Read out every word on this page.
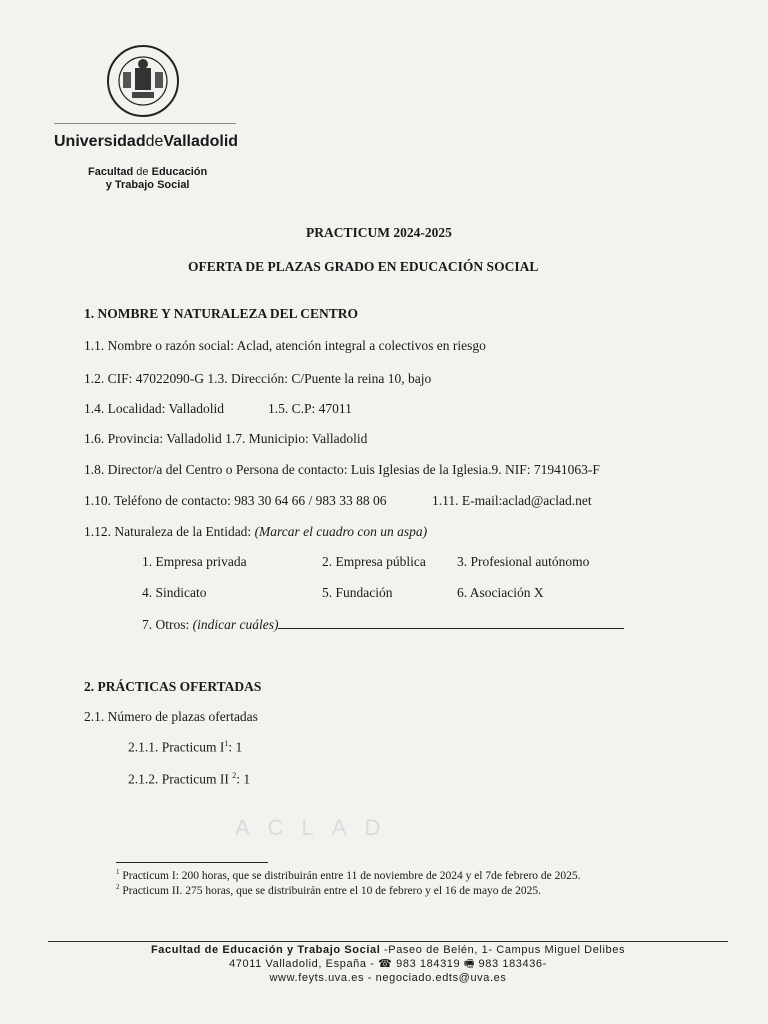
UniversidaddeValladolid
Facultad de Educación
y Trabajo Social
PRACTICUM 2024-2025
OFERTA DE PLAZAS GRADO EN EDUCACIÓN SOCIAL
1. NOMBRE Y NATURALEZA DEL CENTRO
1.1. Nombre o razón social: Aclad, atención integral a colectivos en riesgo
1.2. CIF: 47022090-G 1.3. Dirección: C/Puente la reina 10, bajo
1.4. Localidad: Valladolid	1.5. C.P: 47011
1.6. Provincia: Valladolid 1.7. Municipio: Valladolid
1.8. Director/a del Centro o Persona de contacto: Luis Iglesias de la Iglesia.9. NIF: 71941063-F
1.10. Teléfono de contacto: 983 30 64 66 / 983 33 88 06	1.11. E-mail:aclad@aclad.net
1.12. Naturaleza de la Entidad: (Marcar el cuadro con un aspa)
1. Empresa privada	2. Empresa pública 3. Profesional autónomo
4. Sindicato	5. Fundación	6. Asociación X
7. Otros: (indicar cuáles)
2. PRÁCTICAS OFERTADAS
2.1. Número de plazas ofertadas
2.1.1. Practicum $I^1$: 1
2.1.2. Practicum II $^2$: 1
ACLAD
$^1$ Practicum I: 200 horas, que se distribuirán entre 11 de noviembre de 2024 y el 7de febrero de 2025.
$^2$ Practicum II. 275 horas, que se distribuirán entre el 10 de febrero y el 16 de mayo de 2025.
Facultad de Educación y Trabajo Social -Paseo de Belén, 1- Campus Miguel Delibes
47011 Valladolid, España - ☎ 983 184319 🖷 983 183436-
www.feyts.uva.es - negociado.edts@uva.es
